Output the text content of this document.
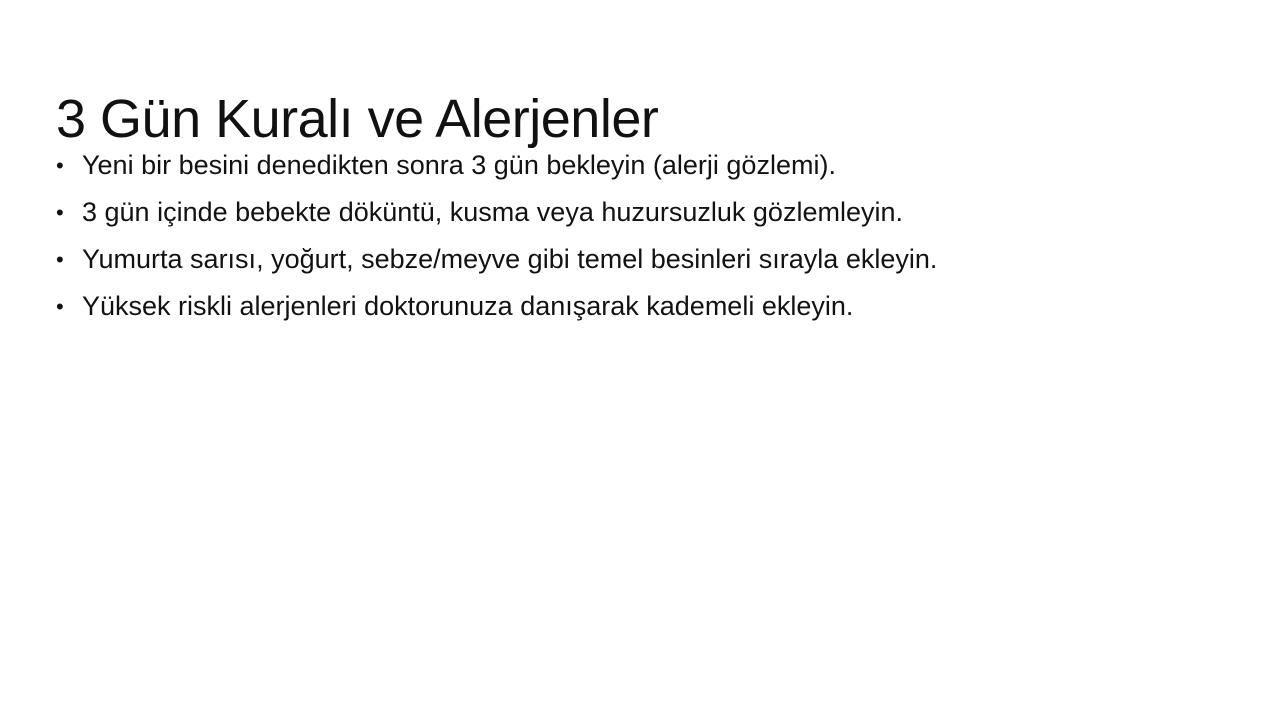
3 Gün Kuralı ve Alerjenler
• Yeni bir besini denedikten sonra 3 gün bekleyin (alerji gözlemi).
• 3 gün içinde bebekte döküntü, kusma veya huzursuzluk gözlemleyin.
• Yumurta sarısı, yoğurt, sebze/meyve gibi temel besinleri sırayla ekleyin.
• Yüksek riskli alerjenleri doktorunuza danışarak kademeli ekleyin.
